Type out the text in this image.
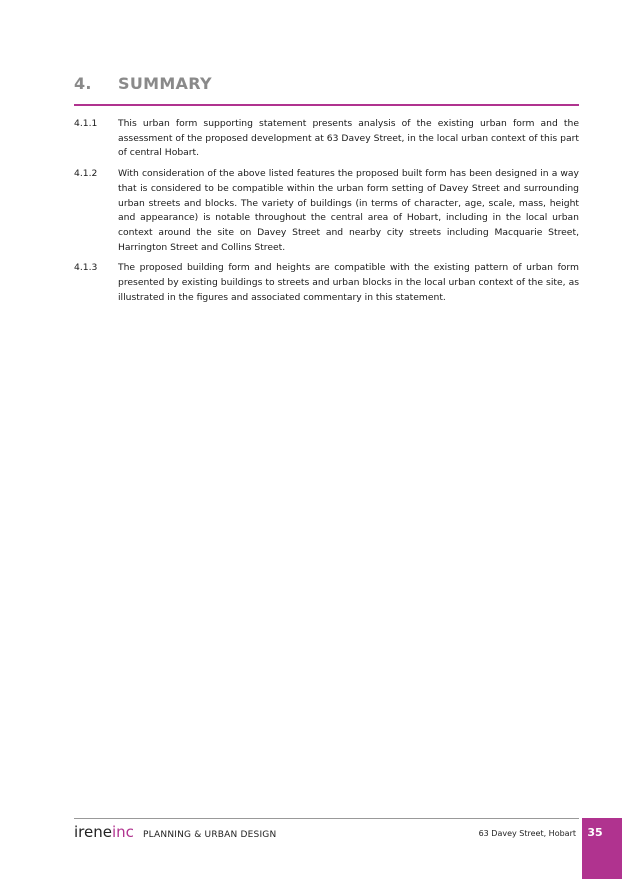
4. SUMMARY
4.1.1	This urban form supporting statement presents analysis of the existing urban form and the assessment of the proposed development at 63 Davey Street, in the local urban context of this part of central Hobart.
4.1.2	With consideration of the above listed features the proposed built form has been designed in a way that is considered to be compatible within the urban form setting of Davey Street and surrounding urban streets and blocks. The variety of buildings (in terms of character, age, scale, mass, height and appearance) is notable throughout the central area of Hobart, including in the local urban context around the site on Davey Street and nearby city streets including Macquarie Street, Harrington Street and Collins Street.
4.1.3	The proposed building form and heights are compatible with the existing pattern of urban form presented by existing buildings to streets and urban blocks in the local urban context of the site, as illustrated in the figures and associated commentary in this statement.
ireneinc PLANNING & URBAN DESIGN	63 Davey Street, Hobart	35
